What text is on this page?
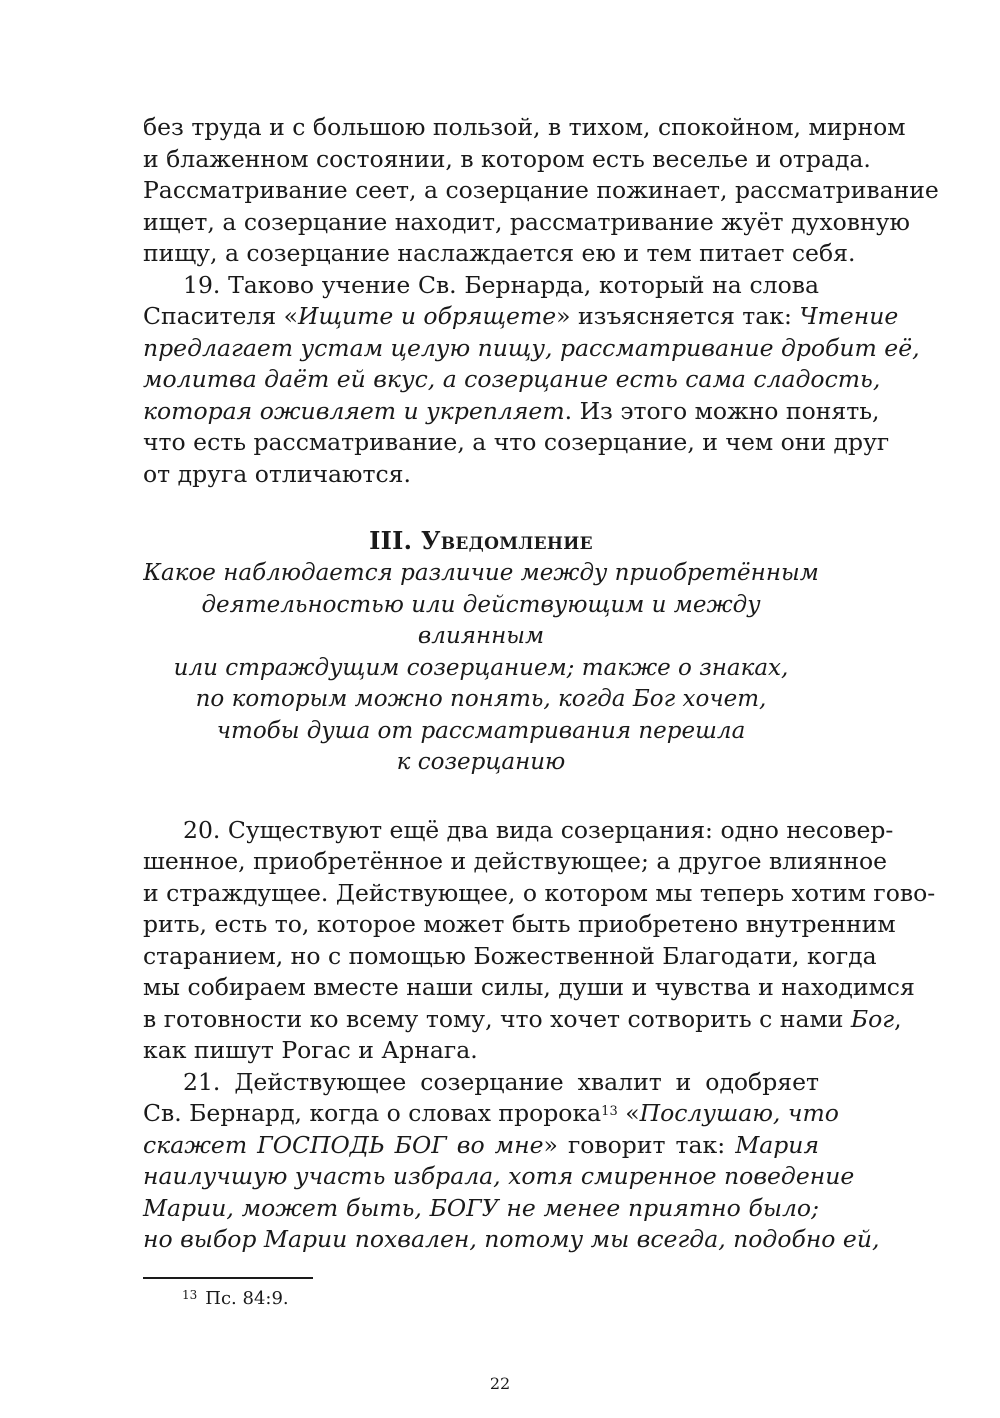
без труда и с большою пользой, в тихом, спокойном, мирном
и блаженном состоянии, в котором есть веселье и отрада.
Рассматривание сеет, а созерцание пожинает, рассматривание
ищет, а созерцание находит, рассматривание жуёт духовную
пищу, а созерцание наслаждается ею и тем питает себя.
19. Таково учение Св. Бернарда, который на слова
Спасителя «Ищите и обрящете» изъясняется так: Чтение
предлагает устам целую пищу, рассматривание дробит её,
молитва даёт ей вкус, а созерцание есть сама сладость,
которая оживляет и укрепляет. Из этого можно понять,
что есть рассматривание, а что созерцание, и чем они друг
от друга отличаются.
III. Уведомление
Какое наблюдается различие между приобретённым
деятельностью или действующим и между влиянным
или страждущим созерцанием; также о знаках,
по которым можно понять, когда Бог хочет,
чтобы душа от рассматривания перешла
к созерцанию
20. Существуют ещё два вида созерцания: одно несовер-
шенное, приобретённое и действующее; а другое влиянное
и страждущее. Действующее, о котором мы теперь хотим гово-
рить, есть то, которое может быть приобретено внутренним
старанием, но с помощью Божественной Благодати, когда
мы собираем вместе наши силы, души и чувства и находимся
в готовности ко всему тому, что хочет сотворить с нами Бог,
как пишут Рогас и Арнага.
21. Действующее созерцание хвалит и одобряет
Св. Бернард, когда о словах пророка$^{13}$ «Послушаю, что
скажет ГОСПОДЬ БОГ во мне» говорит так: Мария
наилучшую участь избрала, хотя смиренное поведение
Марии, может быть, БОГУ не менее приятно было;
но выбор Марии похвален, потому мы всегда, подобно ей,
$^{13}$ Пс. 84:9.
22
